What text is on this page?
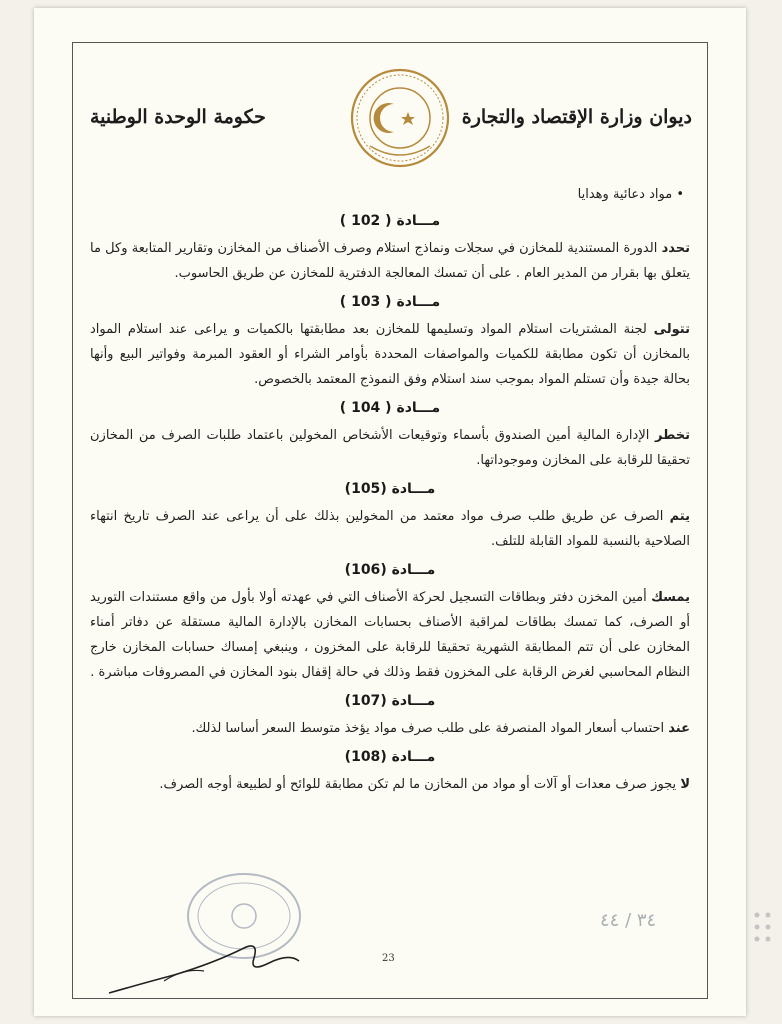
ديوان وزارة الإقتصاد والتجارة
حكومة الوحدة الوطنية
• مواد دعائية وهدايا
مـــادة ( 102 )

تحدد الدورة المستندية للمخازن في سجلات ونماذج استلام وصرف الأصناف من المخازن وتقارير المتابعة وكل ما يتعلق بها بقرار من المدير العام . على أن تمسك المعالجة الدفترية للمخازن عن طريق الحاسوب.

مـــادة ( 103 )

تتولى لجنة المشتريات استلام المواد وتسليمها للمخازن بعد مطابقتها بالكميات و يراعى عند استلام المواد بالمخازن أن تكون مطابقة للكميات والمواصفات المحددة بأوامر الشراء أو العقود المبرمة وفواتير البيع وأنها بحالة جيدة وأن تستلم المواد بموجب سند استلام وفق النموذج المعتمد بالخصوص.

مـــادة ( 104 )

تخطر الإدارة المالية أمين الصندوق بأسماء وتوقيعات الأشخاص المخولين باعتماد طلبات الصرف من المخازن تحقيقا للرقابة على المخازن وموجوداتها.

مـــادة (105)

يتم الصرف عن طريق طلب صرف مواد معتمد من المخولين بذلك على أن يراعى عند الصرف تاريخ انتهاء الصلاحية بالنسبة للمواد القابلة للتلف.

مـــادة (106)

يمسك أمين المخزن دفتر وبطاقات التسجيل لحركة الأصناف التي في عهدته أولا بأول من واقع مستندات التوريد أو الصرف، كما تمسك بطاقات لمراقبة الأصناف بحسابات المخازن بالإدارة المالية مستقلة عن دفاتر أمناء المخازن على أن تتم المطابقة الشهرية تحقيقا للرقابة على المخزون ، وينبغي إمساك حسابات المخازن خارج النظام المحاسبي لغرض الرقابة على المخزون فقط وذلك في حالة إقفال بنود المخازن في المصروفات مباشرة .

مـــادة (107)

عند احتساب أسعار المواد المنصرفة على طلب صرف مواد يؤخذ متوسط السعر أساسا لذلك.

مـــادة (108)

لا يجوز صرف معدات أو آلات أو مواد من المخازن ما لم تكن مطابقة للوائح أو لطبيعة أوجه الصرف.

23
٣٤ / ٤٤
